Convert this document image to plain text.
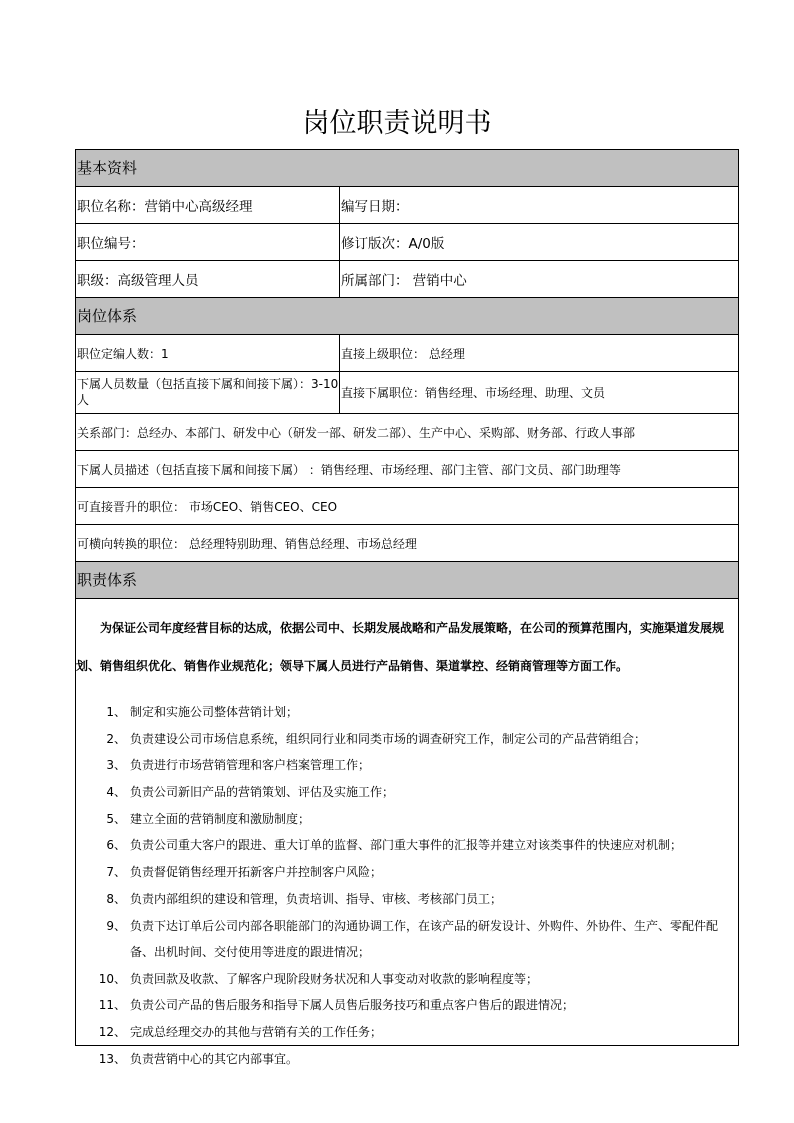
岗位职责说明书
基本资料
职位名称：营销中心高级经理	编写日期：
职位编号：	修订版次：A/0版
职级：高级管理人员	所属部门： 营销中心
岗位体系
职位定编人数：1	直接上级职位： 总经理
下属人员数量（包括直接下属和间接下属）：3-10人	直接下属职位：销售经理、市场经理、助理、文员
关系部门：总经办、本部门、研发中心（研发一部、研发二部）、生产中心、采购部、财务部、行政人事部
下属人员描述（包括直接下属和间接下属） ：销售经理、市场经理、部门主管、部门文员、部门助理等
可直接晋升的职位： 市场CEO、销售CEO、CEO
可横向转换的职位： 总经理特别助理、销售总经理、市场总经理
职责体系
为保证公司年度经营目标的达成，依据公司中、长期发展战略和产品发展策略，在公司的预算范围内，实施渠道发展规划、销售组织优化、销售作业规范化；领导下属人员进行产品销售、渠道掌控、经销商管理等方面工作。
1、 制定和实施公司整体营销计划；
2、 负责建设公司市场信息系统，组织同行业和同类市场的调查研究工作，制定公司的产品营销组合；
3、 负责进行市场营销管理和客户档案管理工作；
4、 负责公司新旧产品的营销策划、评估及实施工作；
5、 建立全面的营销制度和激励制度；
6、 负责公司重大客户的跟进、重大订单的监督、部门重大事件的汇报等并建立对该类事件的快速应对机制；
7、 负责督促销售经理开拓新客户并控制客户风险；
8、 负责内部组织的建设和管理，负责培训、指导、审核、考核部门员工；
9、 负责下达订单后公司内部各职能部门的沟通协调工作，在该产品的研发设计、外购件、外协件、生产、零配件配备、出机时间、交付使用等进度的跟进情况；
10、 负责回款及收款、了解客户现阶段财务状况和人事变动对收款的影响程度等；
11、 负责公司产品的售后服务和指导下属人员售后服务技巧和重点客户售后的跟进情况；
12、 完成总经理交办的其他与营销有关的工作任务；
13、 负责营销中心的其它内部事宜。
